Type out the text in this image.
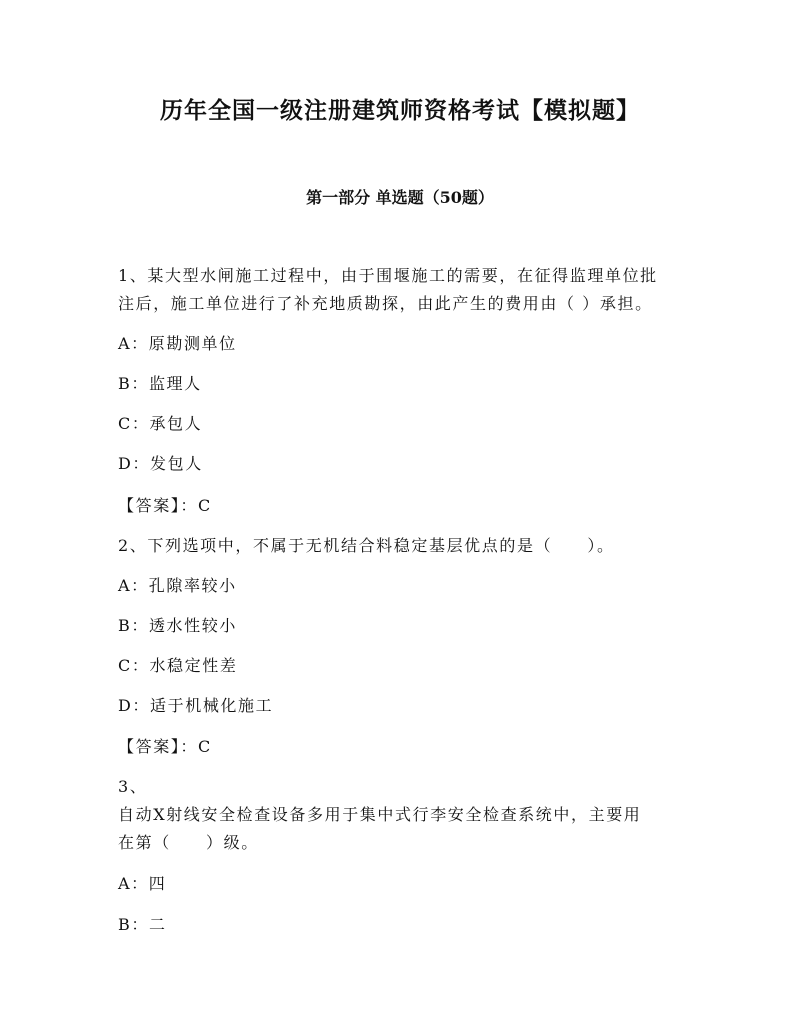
历年全国一级注册建筑师资格考试【模拟题】
第一部分 单选题（50题）
1、某大型水闸施工过程中，由于围堰施工的需要，在征得监理单位批
注后，施工单位进行了补充地质勘探，由此产生的费用由（ ）承担。
A：原勘测单位
B：监理人
C：承包人
D：发包人
【答案】：C
2、下列选项中，不属于无机结合料稳定基层优点的是（　　）。
A：孔隙率较小
B：透水性较小
C：水稳定性差
D：适于机械化施工
【答案】：C
3、
自动X射线安全检查设备多用于集中式行李安全检查系统中，主要用
在第（　　）级。
A：四
B：二
